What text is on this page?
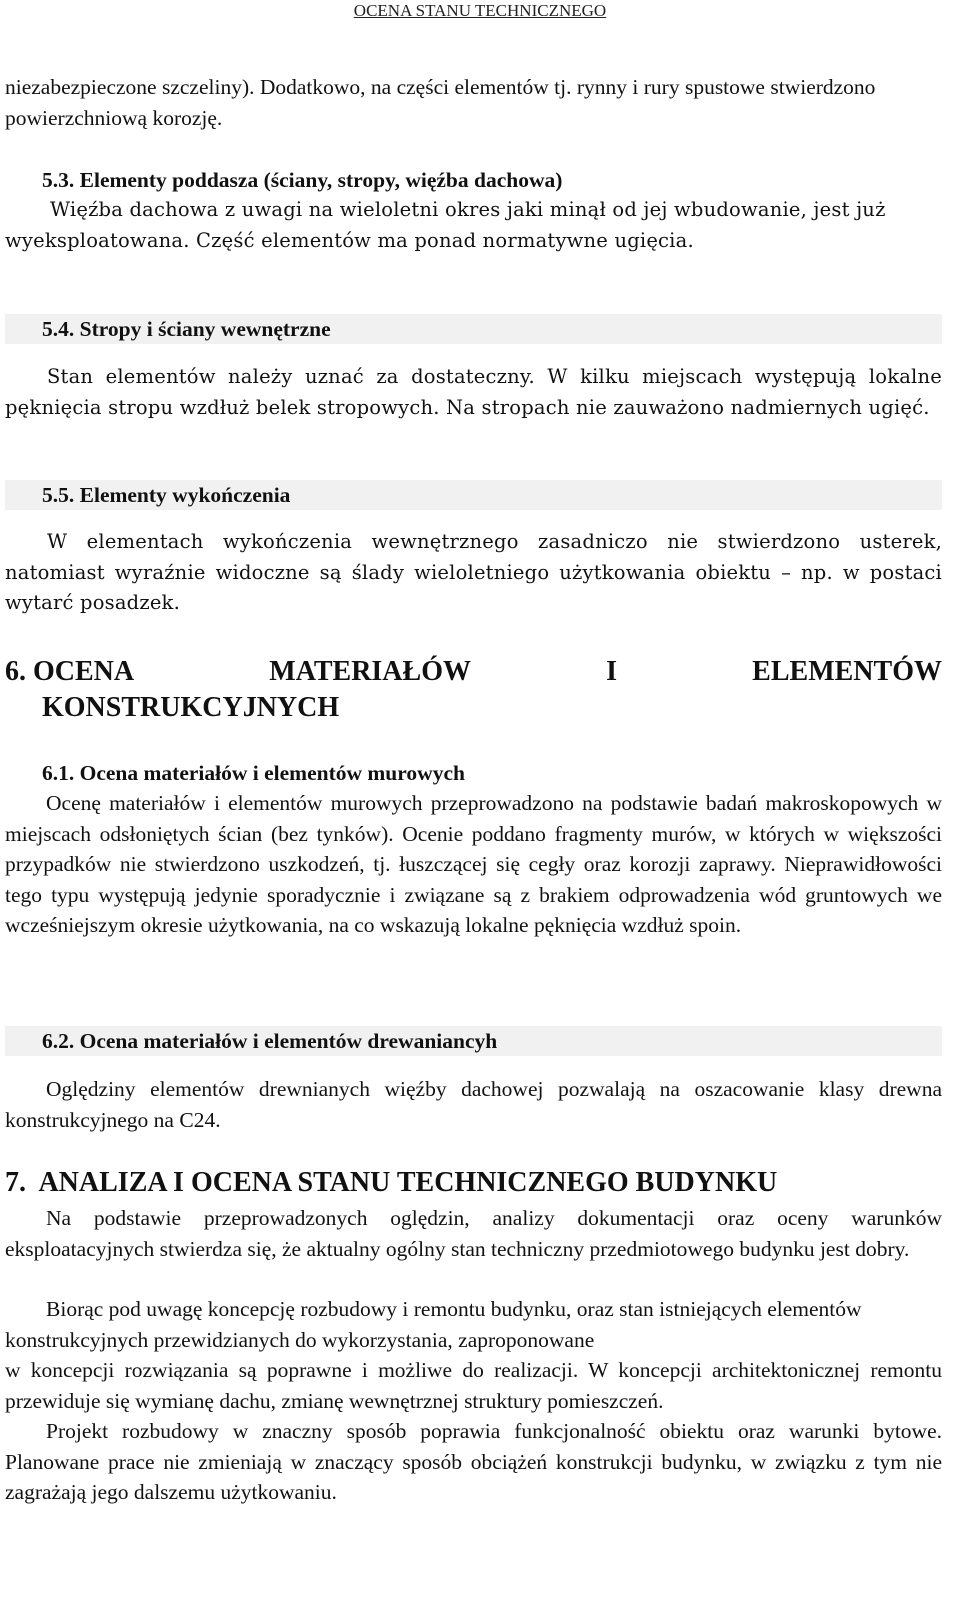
OCENA STANU TECHNICZNEGO

niezabezpieczone szczeliny). Dodatkowo, na części elementów tj. rynny i rury spustowe stwierdzono powierzchniową korozję.

5.3. Elementy poddasza (ściany, stropy, więźba dachowa)

Więźba dachowa z uwagi na wieloletni okres jaki minął od jej wbudowanie, jest już wyeksploatowana. Część elementów ma ponad normatywne ugięcia.

5.4. Stropy i ściany wewnętrzne

Stan elementów należy uznać za dostateczny. W kilku miejscach występują lokalne pęknięcia stropu wzdłuż belek stropowych. Na stropach nie zauważono nadmiernych ugięć.

5.5. Elementy wykończenia

W elementach wykończenia wewnętrznego zasadniczo nie stwierdzono usterek, natomiast wyraźnie widoczne są ślady wieloletniego użytkowania obiektu – np. w postaci wytarć posadzek.

6. OCENA	MATERIAŁÓW	I	ELEMENTÓW

KONSTRUKCYJNYCH

6.1. Ocena materiałów i elementów murowych

Ocenę materiałów i elementów murowych przeprowadzono na podstawie badań makroskopowych w miejscach odsłoniętych ścian (bez tynków). Ocenie poddano fragmenty murów, w których w większości przypadków nie stwierdzono uszkodzeń, tj. łuszczącej się cegły oraz korozji zaprawy. Nieprawidłowości tego typu występują jedynie sporadycznie i związane są z brakiem odprowadzenia wód gruntowych we wcześniejszym okresie użytkowania, na co wskazują lokalne pęknięcia wzdłuż spoin.

6.2. Ocena materiałów i elementów drewaniancyh

Oględziny elementów drewnianych więźby dachowej pozwalają na oszacowanie klasy drewna konstrukcyjnego na C24.

7.  ANALIZA I OCENA STANU TECHNICZNEGO BUDYNKU

Na podstawie przeprowadzonych oględzin, analizy dokumentacji oraz oceny warunków eksploatacyjnych stwierdza się, że aktualny ogólny stan techniczny przedmiotowego budynku jest dobry.

Biorąc pod uwagę koncepcję rozbudowy i remontu budynku, oraz stan istniejących elementów konstrukcyjnych przewidzianych do wykorzystania, zaproponowane

w koncepcji rozwiązania są poprawne i możliwe do realizacji. W koncepcji architektonicznej remontu przewiduje się wymianę dachu, zmianę wewnętrznej struktury pomieszczeń.

Projekt rozbudowy w znaczny sposób poprawia funkcjonalność obiektu oraz warunki bytowe. Planowane prace nie zmieniają w znaczący sposób obciążeń konstrukcji budynku, w związku z tym nie zagrażają jego dalszemu użytkowaniu.
